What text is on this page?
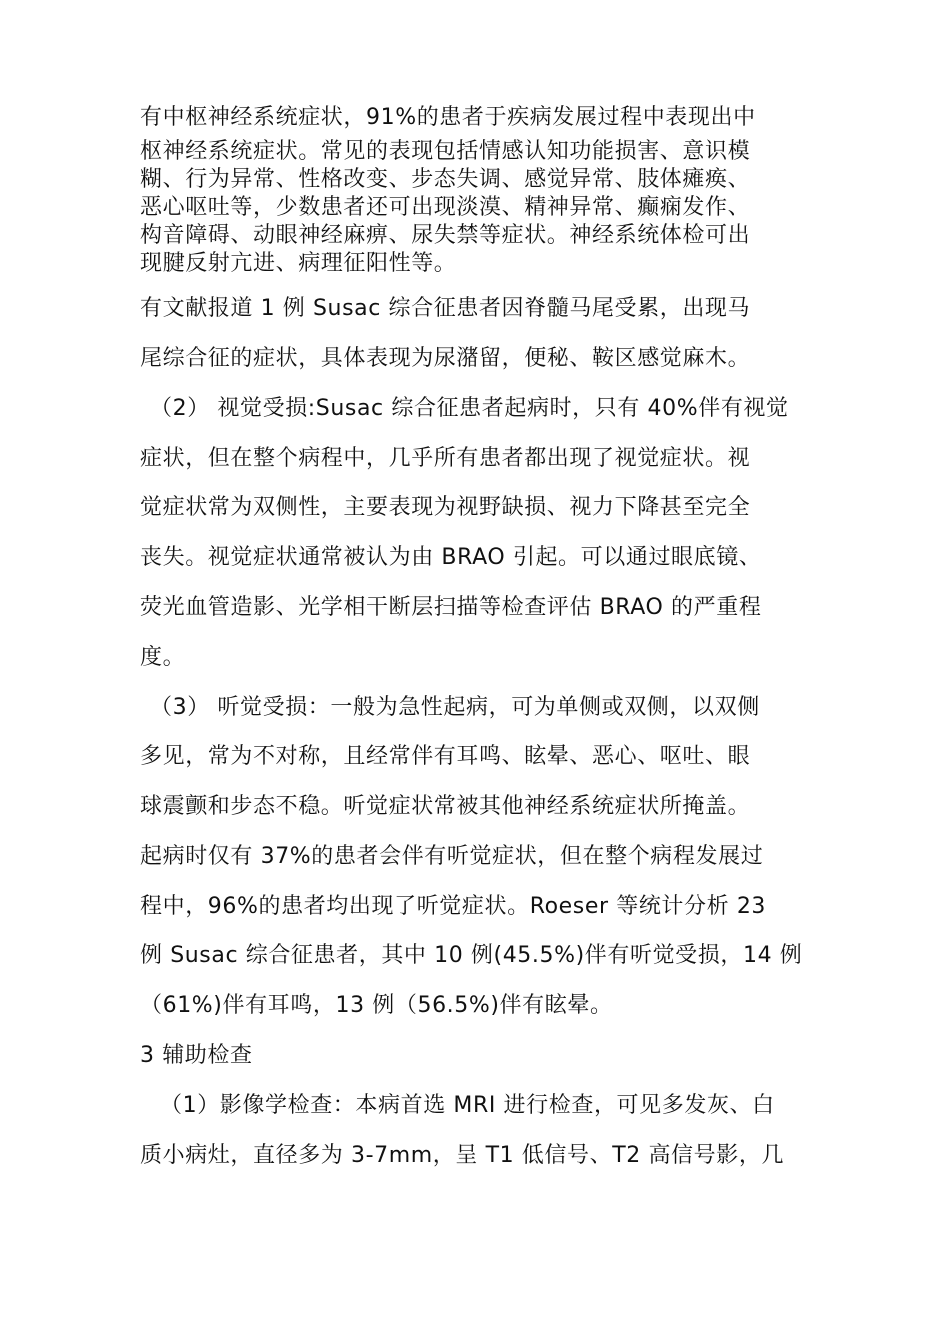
有中枢神经系统症状，91%的患者于疾病发展过程中表现出中
枢神经系统症状。常见的表现包括情感认知功能损害、意识模
糊、行为异常、性格改变、步态失调、感觉异常、肢体瘫痪、
恶心呕吐等，少数患者还可出现淡漠、精神异常、癫痫发作、
构音障碍、动眼神经麻痹、尿失禁等症状。神经系统体检可出
现腱反射亢进、病理征阳性等。
有文献报道 1 例 Susac 综合征患者因脊髓马尾受累，出现马
尾综合征的症状，具体表现为尿潴留，便秘、鞍区感觉麻木。
（2） 视觉受损:Susac 综合征患者起病时，只有 40%伴有视觉
症状，但在整个病程中，几乎所有患者都出现了视觉症状。视
觉症状常为双侧性，主要表现为视野缺损、视力下降甚至完全
丧失。视觉症状通常被认为由 BRAO 引起。可以通过眼底镜、
荧光血管造影、光学相干断层扫描等检查评估 BRAO 的严重程
度。
（3） 听觉受损：一般为急性起病，可为单侧或双侧，以双侧
多见，常为不对称，且经常伴有耳鸣、眩晕、恶心、呕吐、眼
球震颤和步态不稳。听觉症状常被其他神经系统症状所掩盖。
起病时仅有 37%的患者会伴有听觉症状，但在整个病程发展过
程中，96%的患者均出现了听觉症状。Roeser 等统计分析 23
例 Susac 综合征患者，其中 10 例(45.5%)伴有听觉受损，14 例
（61%)伴有耳鸣，13 例（56.5%)伴有眩晕。
3 辅助检查
（1）影像学检查：本病首选 MRI 进行检查，可见多发灰、白
质小病灶，直径多为 3-7mm，呈 T1 低信号、T2 高信号影，几
